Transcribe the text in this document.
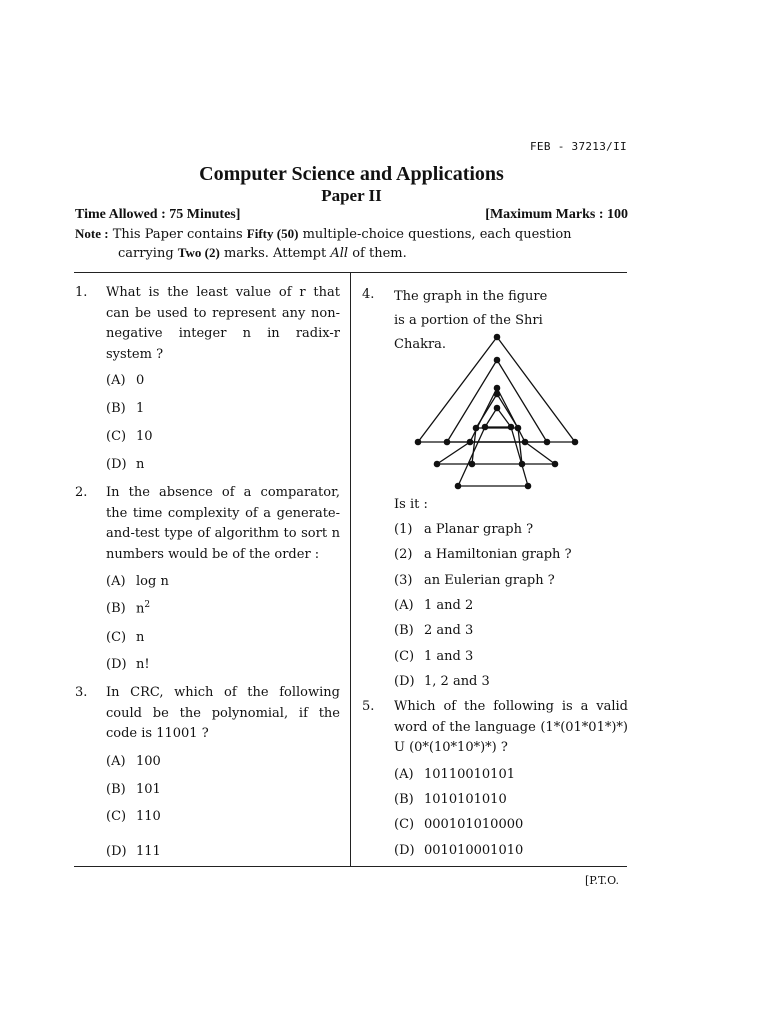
FEB - 37213/II
Computer Science and Applications
Paper II
Time Allowed : 75 Minutes]	[Maximum Marks : 100
Note : This Paper contains Fifty (50) multiple-choice questions, each question
carrying Two (2) marks. Attempt All of them.
1. What is the least value of r that can be used to represent any non-negative integer n in radix-r system ?
(A) 0
(B) 1
(C) 10
(D) n
2. In the absence of a comparator, the time complexity of a generate-and-test type of algorithm to sort n numbers would be of the order :
(A) log n
(B) $n^2$
(C) n
(D) n!
3. In CRC, which of the following could be the polynomial, if the code is 11001 ?
(A) 100
(B) 101
(C) 110
(D) 111
4. The graph in the figure is a portion of the Shri Chakra.
Is it :
(1) a Planar graph ?
(2) a Hamiltonian graph ?
(3) an Eulerian graph ?
(A) 1 and 2
(B) 2 and 3
(C) 1 and 3
(D) 1, 2 and 3
5. Which of the following is a valid word of the language (1*(01*01*)*) U (0*(10*10*)*) ?
(A) 10110010101
(B) 1010101010
(C) 000101010000
(D) 001010001010
[P.T.O.
